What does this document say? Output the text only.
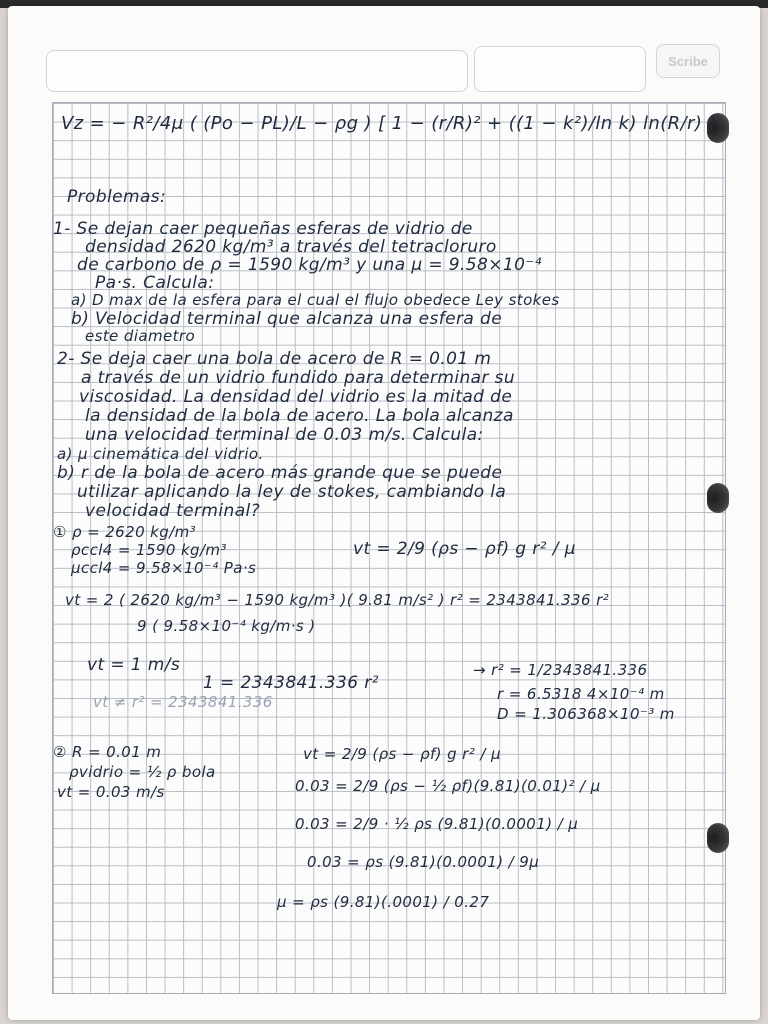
Scribe
Vz = − R²/4μ ( (Po − PL)/L − ρg ) [ 1 − (r/R)² + ((1 − k²)/ln k) ln(R/r) ]
Problemas:
1- Se dejan caer pequeñas esferas de vidrio de
densidad 2620 kg/m³ a través del tetracloruro
de carbono de ρ = 1590 kg/m³ y una μ = 9.58×10⁻⁴
Pa·s. Calcula:
a) D max de la esfera para el cual el flujo obedece Ley stokes
b) Velocidad terminal que alcanza una esfera de
este diametro
2- Se deja caer una bola de acero de R = 0.01 m
a través de un vidrio fundido para determinar su
viscosidad. La densidad del vidrio es la mitad de
la densidad de la bola de acero. La bola alcanza
una velocidad terminal de 0.03 m/s. Calcula:
a) μ cinemática del vidrio.
b) r de la bola de acero más grande que se puede
utilizar aplicando la ley de stokes, cambiando la
velocidad terminal?
① ρ = 2620 kg/m³
ρccl4 = 1590 kg/m³
μccl4 = 9.58×10⁻⁴ Pa·s
vt = 2/9 (ρs − ρf) g r² / μ
vt = 2 ( 2620 kg/m³ − 1590 kg/m³ )( 9.81 m/s² ) r² = 2343841.336 r²
9 ( 9.58×10⁻⁴ kg/m·s )
vt = 1 m/s
1 = 2343841.336 r²
→ r² = 1/2343841.336
vt ≠ r² = 2343841.336	r = 6.5318 4×10⁻⁴ m
D = 1.306368×10⁻³ m
② R = 0.01 m
ρvidrio = ½ ρ bola
vt = 0.03 m/s
vt = 2/9 (ρs − ρf) g r² / μ
0.03 = 2/9 (ρs − ½ ρf)(9.81)(0.01)² / μ
0.03 = 2/9 · ½ ρs (9.81)(0.0001) / μ
0.03 = ρs (9.81)(0.0001) / 9μ
μ = ρs (9.81)(.0001) / 0.27
